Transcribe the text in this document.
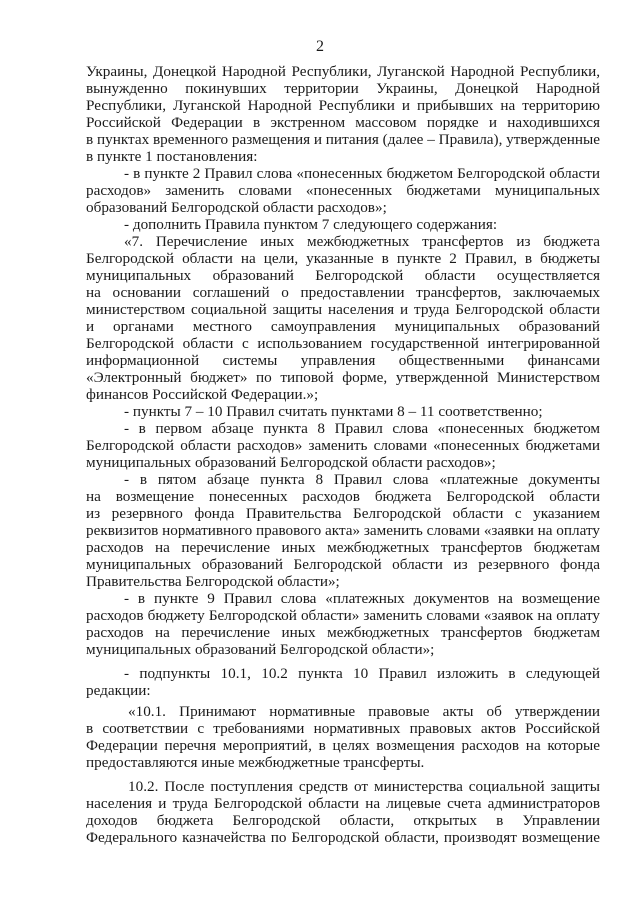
2
Украины, Донецкой Народной Республики, Луганской Народной Республики,
вынужденно покинувших территории Украины, Донецкой Народной
Республики, Луганской Народной Республики и прибывших на территорию
Российской Федерации в экстренном массовом порядке и находившихся
в пунктах временного размещения и питания (далее – Правила), утвержденные
в пункте 1 постановления:
- в пункте 2 Правил слова «понесенных бюджетом Белгородской области
расходов» заменить словами «понесенных бюджетами муниципальных
образований Белгородской области расходов»;
- дополнить Правила пунктом 7 следующего содержания:
«7. Перечисление иных межбюджетных трансфертов из бюджета
Белгородской области на цели, указанные в пункте 2 Правил, в бюджеты
муниципальных образований Белгородской области осуществляется
на основании соглашений о предоставлении трансфертов, заключаемых
министерством социальной защиты населения и труда Белгородской области
и органами местного самоуправления муниципальных образований
Белгородской области с использованием государственной интегрированной
информационной системы управления общественными финансами
«Электронный бюджет» по типовой форме, утвержденной Министерством
финансов Российской Федерации.»;
- пункты 7 – 10 Правил считать пунктами 8 – 11 соответственно;
- в первом абзаце пункта 8 Правил слова «понесенных бюджетом
Белгородской области расходов» заменить словами «понесенных бюджетами
муниципальных образований Белгородской области расходов»;
- в пятом абзаце пункта 8 Правил слова «платежные документы
на возмещение понесенных расходов бюджета Белгородской области
из резервного фонда Правительства Белгородской области с указанием
реквизитов нормативного правового акта» заменить словами «заявки на оплату
расходов на перечисление иных межбюджетных трансфертов бюджетам
муниципальных образований Белгородской области из резервного фонда
Правительства Белгородской области»;
- в пункте 9 Правил слова «платежных документов на возмещение
расходов бюджету Белгородской области» заменить словами «заявок на оплату
расходов на перечисление иных межбюджетных трансфертов бюджетам
муниципальных образований Белгородской области»;
- подпункты 10.1, 10.2 пункта 10 Правил изложить в следующей
редакции:
«10.1. Принимают нормативные правовые акты об утверждении
в соответствии с требованиями нормативных правовых актов Российской
Федерации перечня мероприятий, в целях возмещения расходов на которые
предоставляются иные межбюджетные трансферты.
10.2. После поступления средств от министерства социальной защиты
населения и труда Белгородской области на лицевые счета администраторов
доходов бюджета Белгородской области, открытых в Управлении
Федерального казначейства по Белгородской области, производят возмещение
